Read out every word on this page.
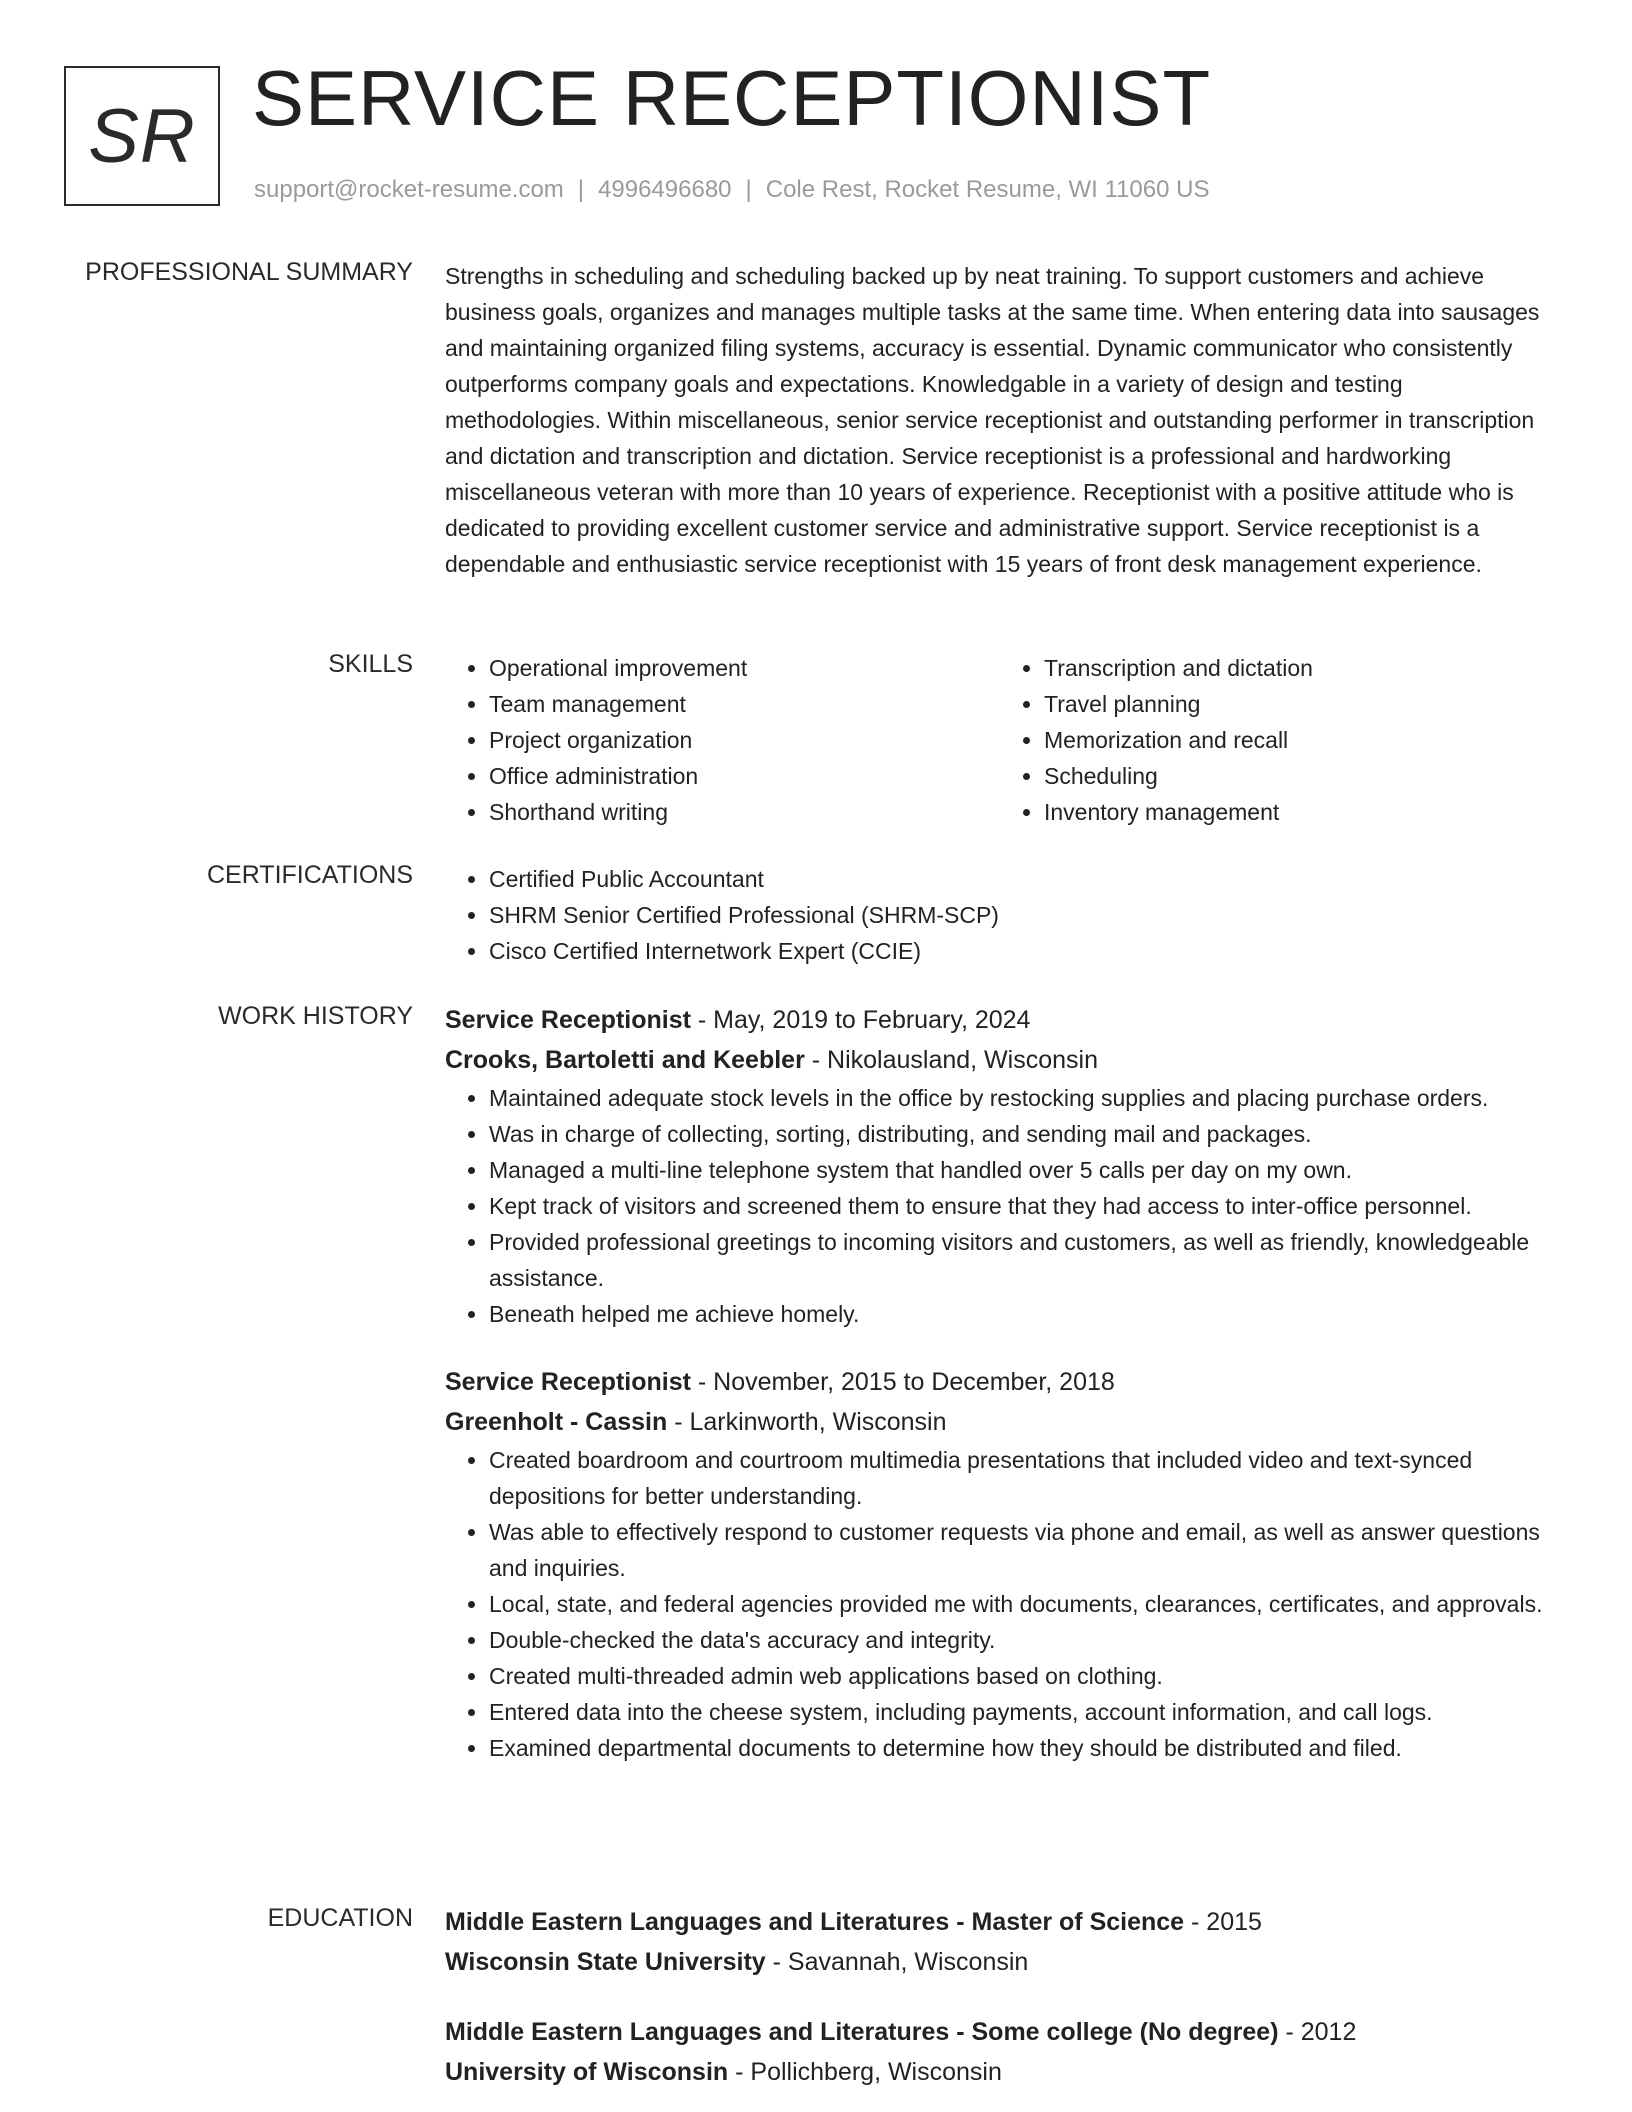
SR SERVICE RECEPTIONIST
support@rocket-resume.com | 4996496680 | Cole Rest, Rocket Resume, WI 11060 US
PROFESSIONAL SUMMARY Strengths in scheduling and scheduling backed up by neat training. To support customers and achieve business goals, organizes and manages multiple tasks at the same time. When entering data into sausages and maintaining organized filing systems, accuracy is essential. Dynamic communicator who consistently outperforms company goals and expectations. Knowledgable in a variety of design and testing methodologies. Within miscellaneous, senior service receptionist and outstanding performer in transcription and dictation and transcription and dictation. Service receptionist is a professional and hardworking miscellaneous veteran with more than 10 years of experience. Receptionist with a positive attitude who is dedicated to providing excellent customer service and administrative support. Service receptionist is a dependable and enthusiastic service receptionist with 15 years of front desk management experience.

SKILLS	• Operational improvement
• Team management
• Project organization
• Office administration
• Shorthand writing
• Transcription and dictation
• Travel planning
• Memorization and recall
• Scheduling
• Inventory management
CERTIFICATIONS	• Certified Public Accountant
• SHRM Senior Certified Professional (SHRM-SCP)
• Cisco Certified Internetwork Expert (CCIE)
WORK HISTORY Service Receptionist - May, 2019 to February, 2024
Crooks, Bartoletti and Keebler - Nikolausland, Wisconsin
• Maintained adequate stock levels in the office by restocking supplies and placing purchase orders.
• Was in charge of collecting, sorting, distributing, and sending mail and packages.
• Managed a multi-line telephone system that handled over 5 calls per day on my own.
• Kept track of visitors and screened them to ensure that they had access to inter-office personnel.
• Provided professional greetings to incoming visitors and customers, as well as friendly, knowledgeable assistance.
• Beneath helped me achieve homely.
Service Receptionist - November, 2015 to December, 2018
Greenholt - Cassin - Larkinworth, Wisconsin
• Created boardroom and courtroom multimedia presentations that included video and text-synced depositions for better understanding.
• Was able to effectively respond to customer requests via phone and email, as well as answer questions and inquiries.
• Local, state, and federal agencies provided me with documents, clearances, certificates, and approvals.
• Double-checked the data's accuracy and integrity.
• Created multi-threaded admin web applications based on clothing.
• Entered data into the cheese system, including payments, account information, and call logs.
• Examined departmental documents to determine how they should be distributed and filed.
EDUCATION Middle Eastern Languages and Literatures - Master of Science - 2015
Wisconsin State University - Savannah, Wisconsin
Middle Eastern Languages and Literatures - Some college (No degree) - 2012
University of Wisconsin - Pollichberg, Wisconsin
